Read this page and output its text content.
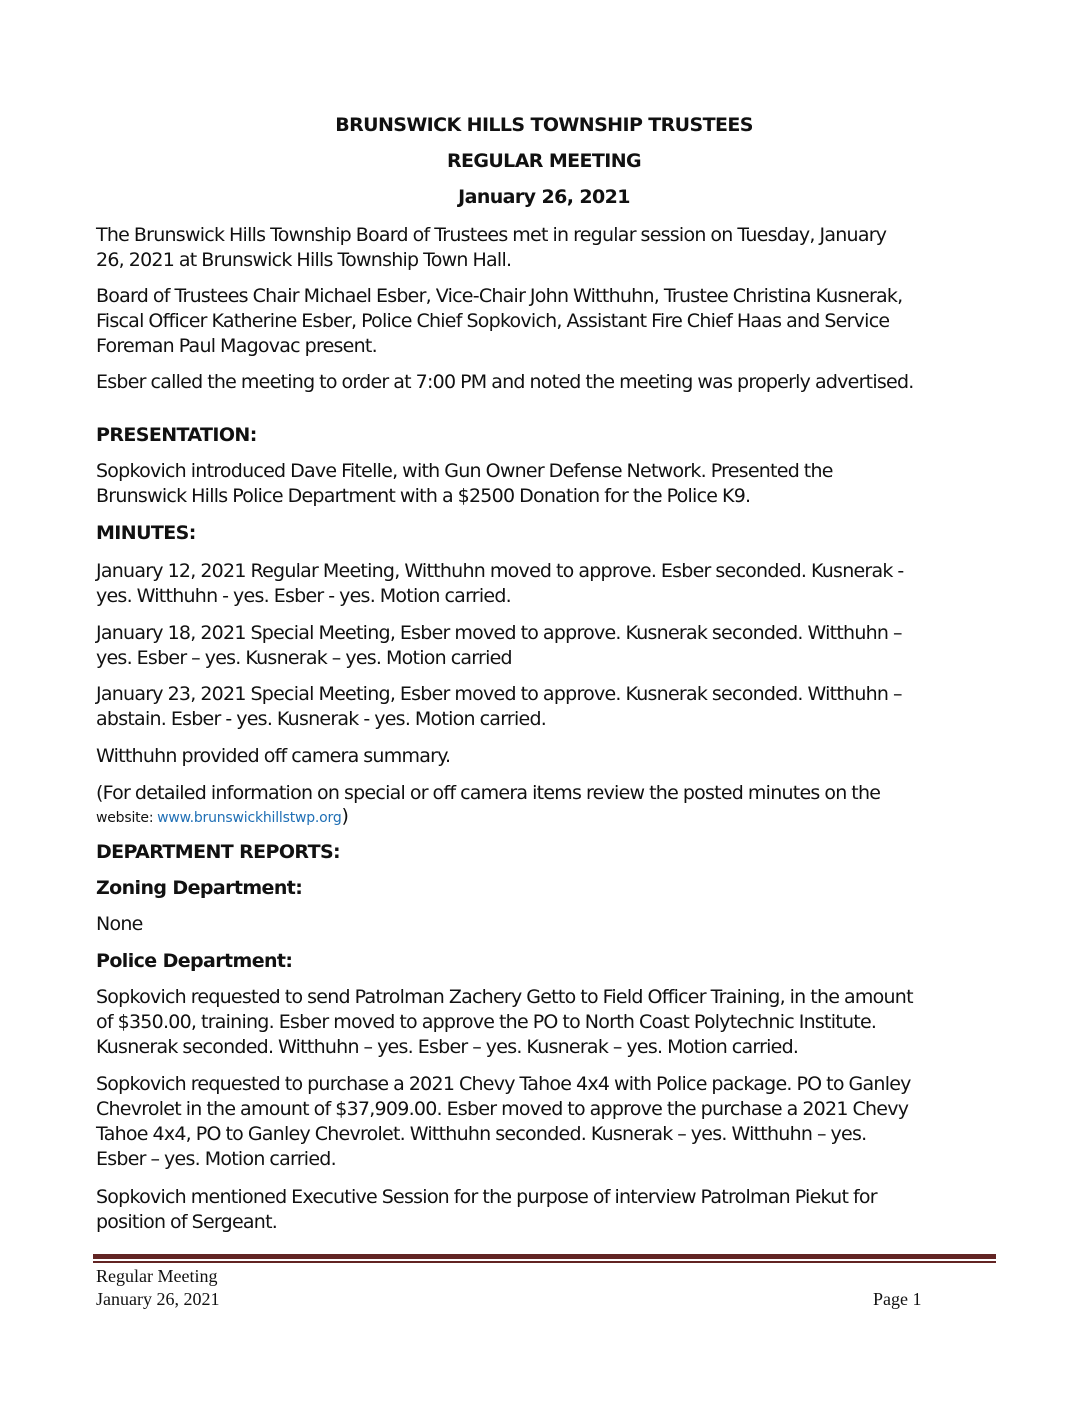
BRUNSWICK HILLS TOWNSHIP TRUSTEES
REGULAR MEETING
January 26, 2021
The Brunswick Hills Township Board of Trustees met in regular session on Tuesday, January
26, 2021 at Brunswick Hills Township Town Hall.
Board of Trustees Chair Michael Esber, Vice-Chair John Witthuhn, Trustee Christina Kusnerak,
Fiscal Officer Katherine Esber, Police Chief Sopkovich, Assistant Fire Chief Haas and Service
Foreman Paul Magovac present.
Esber called the meeting to order at 7:00 PM and noted the meeting was properly advertised.
PRESENTATION:
Sopkovich introduced Dave Fitelle, with Gun Owner Defense Network. Presented the
Brunswick Hills Police Department with a $2500 Donation for the Police K9.
MINUTES:
January 12, 2021 Regular Meeting, Witthuhn moved to approve. Esber seconded. Kusnerak -
yes. Witthuhn - yes. Esber - yes. Motion carried.
January 18, 2021 Special Meeting, Esber moved to approve. Kusnerak seconded. Witthuhn –
yes. Esber – yes. Kusnerak – yes. Motion carried
January 23, 2021 Special Meeting, Esber moved to approve. Kusnerak seconded. Witthuhn –
abstain. Esber - yes. Kusnerak - yes. Motion carried.
Witthuhn provided off camera summary.
(For detailed information on special or off camera items review the posted minutes on the
website: www.brunswickhillstwp.org)
DEPARTMENT REPORTS:
Zoning Department:
None
Police Department:
Sopkovich requested to send Patrolman Zachery Getto to Field Officer Training, in the amount
of $350.00, training. Esber moved to approve the PO to North Coast Polytechnic Institute.
Kusnerak seconded. Witthuhn – yes. Esber – yes. Kusnerak – yes. Motion carried.
Sopkovich requested to purchase a 2021 Chevy Tahoe 4x4 with Police package. PO to Ganley
Chevrolet in the amount of $37,909.00. Esber moved to approve the purchase a 2021 Chevy
Tahoe 4x4, PO to Ganley Chevrolet. Witthuhn seconded. Kusnerak – yes. Witthuhn – yes.
Esber – yes. Motion carried.
Sopkovich mentioned Executive Session for the purpose of interview Patrolman Piekut for
position of Sergeant.
Regular Meeting
January 26, 2021	Page 1
